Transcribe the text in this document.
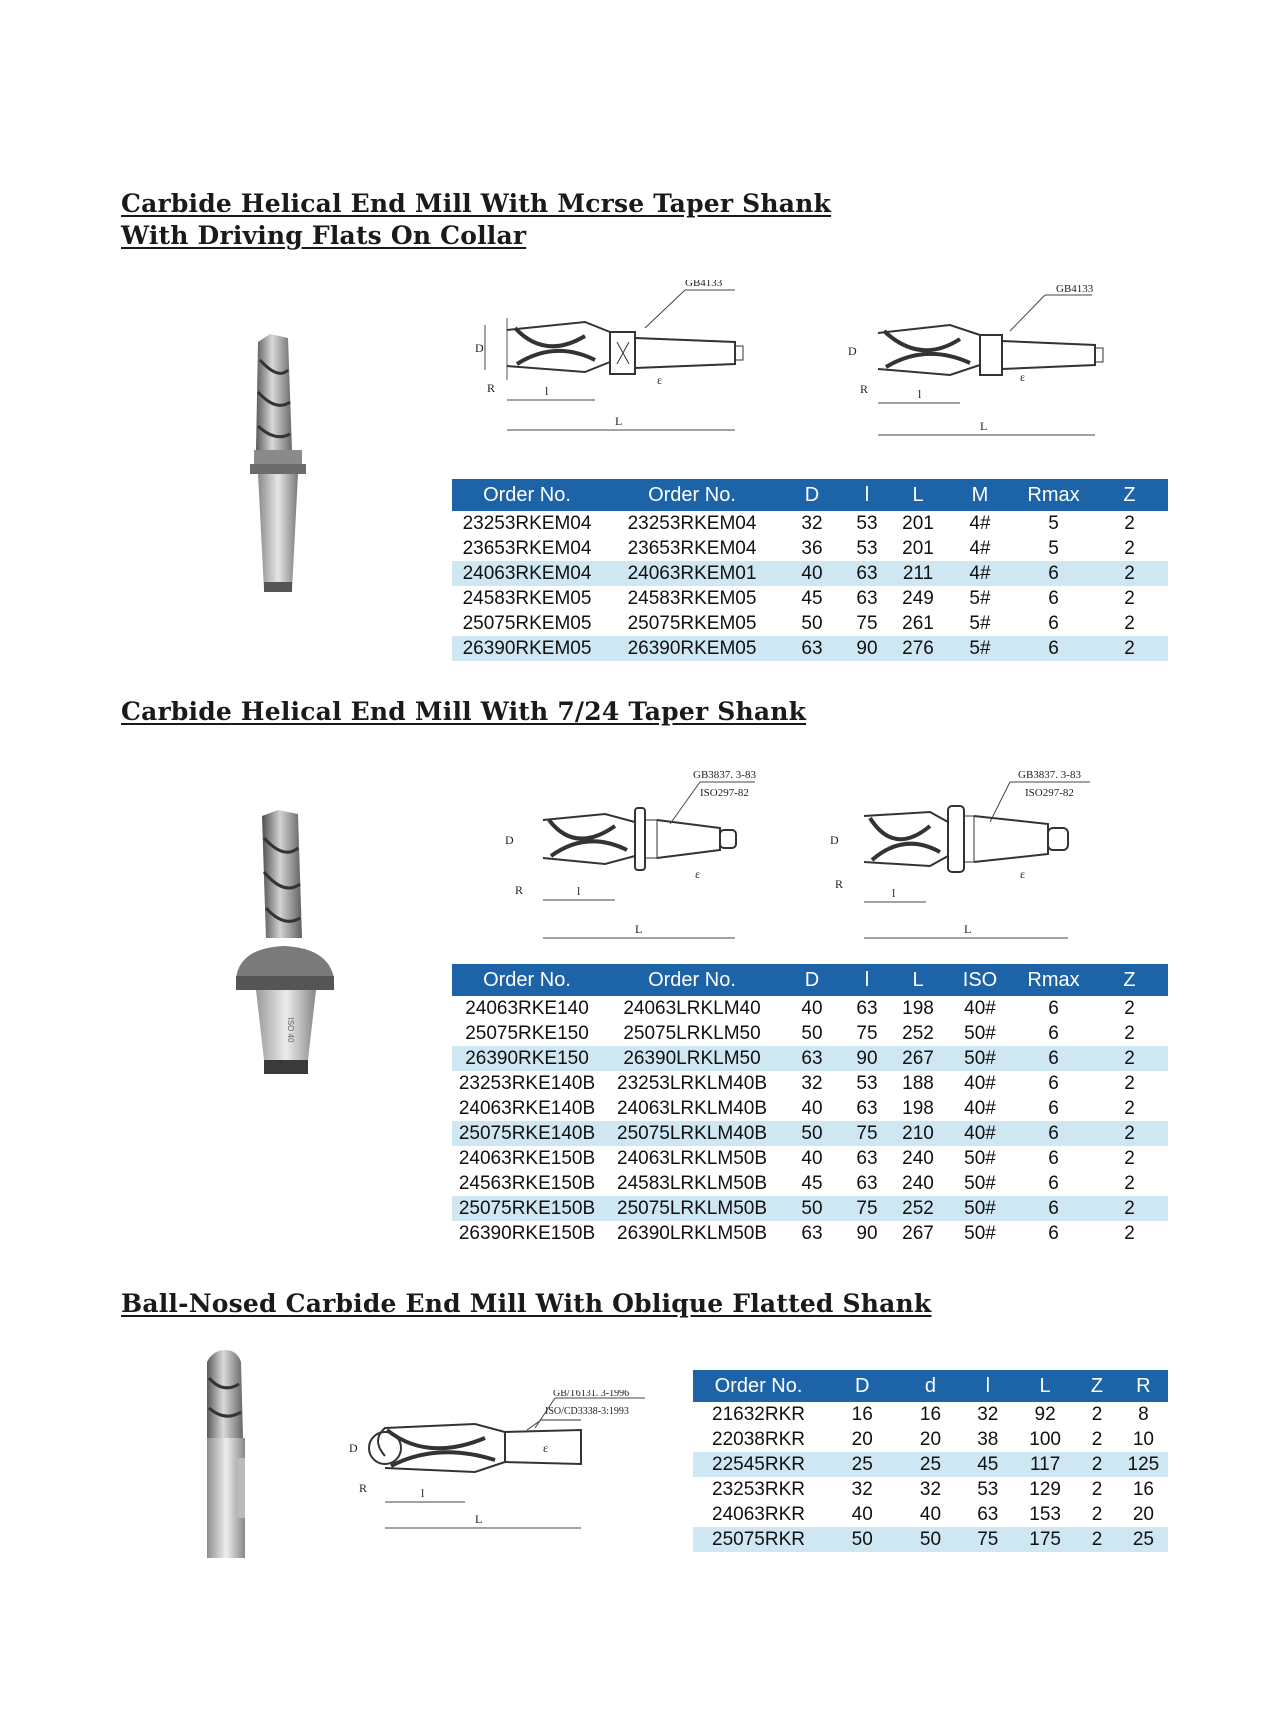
Carbide Helical End Mill With Mcrse Taper Shank
With Driving Flats On Collar
GB4133
D
R	l
L
ε
GB4133
D
R	l
L
ε
Order No.	Order No.	D	l	L	M	Rmax	Z
23253RKEM04	23253RKEM04	32	53	201	4#	5	2
23653RKEM04	23653RKEM04	36	53	201	4#	5	2
24063RKEM04	24063RKEM01	40	63	211	4#	6	2
24583RKEM05	24583RKEM05	45	63	249	5#	6	2
25075RKEM05	25075RKEM05	50	75	261	5#	6	2
26390RKEM05	26390RKEM05	63	90	276	5#	6	2
Carbide Helical End Mill With 7/24 Taper Shank
ISO 40
GB3837. 3-83
ISO297-82
D
R	l
L
ε
GB3837. 3-83
ISO297-82
D
R
l
L
ε
Order No.	Order No.	D	l	L	ISO	Rmax	Z
24063RKE140	24063LRKLM40	40	63	198	40#	6	2
25075RKE150	25075LRKLM50	50	75	252	50#	6	2
26390RKE150	26390LRKLM50	63	90	267	50#	6	2
23253RKE140B	23253LRKLM40B	32	53	188	40#	6	2
24063RKE140B	24063LRKLM40B	40	63	198	40#	6	2
25075RKE140B	25075LRKLM40B	50	75	210	40#	6	2
24063RKE150B	24063LRKLM50B	40	63	240	50#	6	2
24563RKE150B	24583LRKLM50B	45	63	240	50#	6	2
25075RKE150B	25075LRKLM50B	50	75	252	50#	6	2
26390RKE150B	26390LRKLM50B	63	90	267	50#	6	2
Ball-Nosed Carbide End Mill With Oblique Flatted Shank
GB/T6131. 3-1996
ISO/CD3338-3:1993
D
R	l
L
ε
Order No.	D	d	l	L	Z	R
21632RKR	16	16	32	92	2	8
22038RKR	20	20	38	100	2	10
22545RKR	25	25	45	117	2	125
23253RKR	32	32	53	129	2	16
24063RKR	40	40	63	153	2	20
25075RKR	50	50	75	175	2	25
